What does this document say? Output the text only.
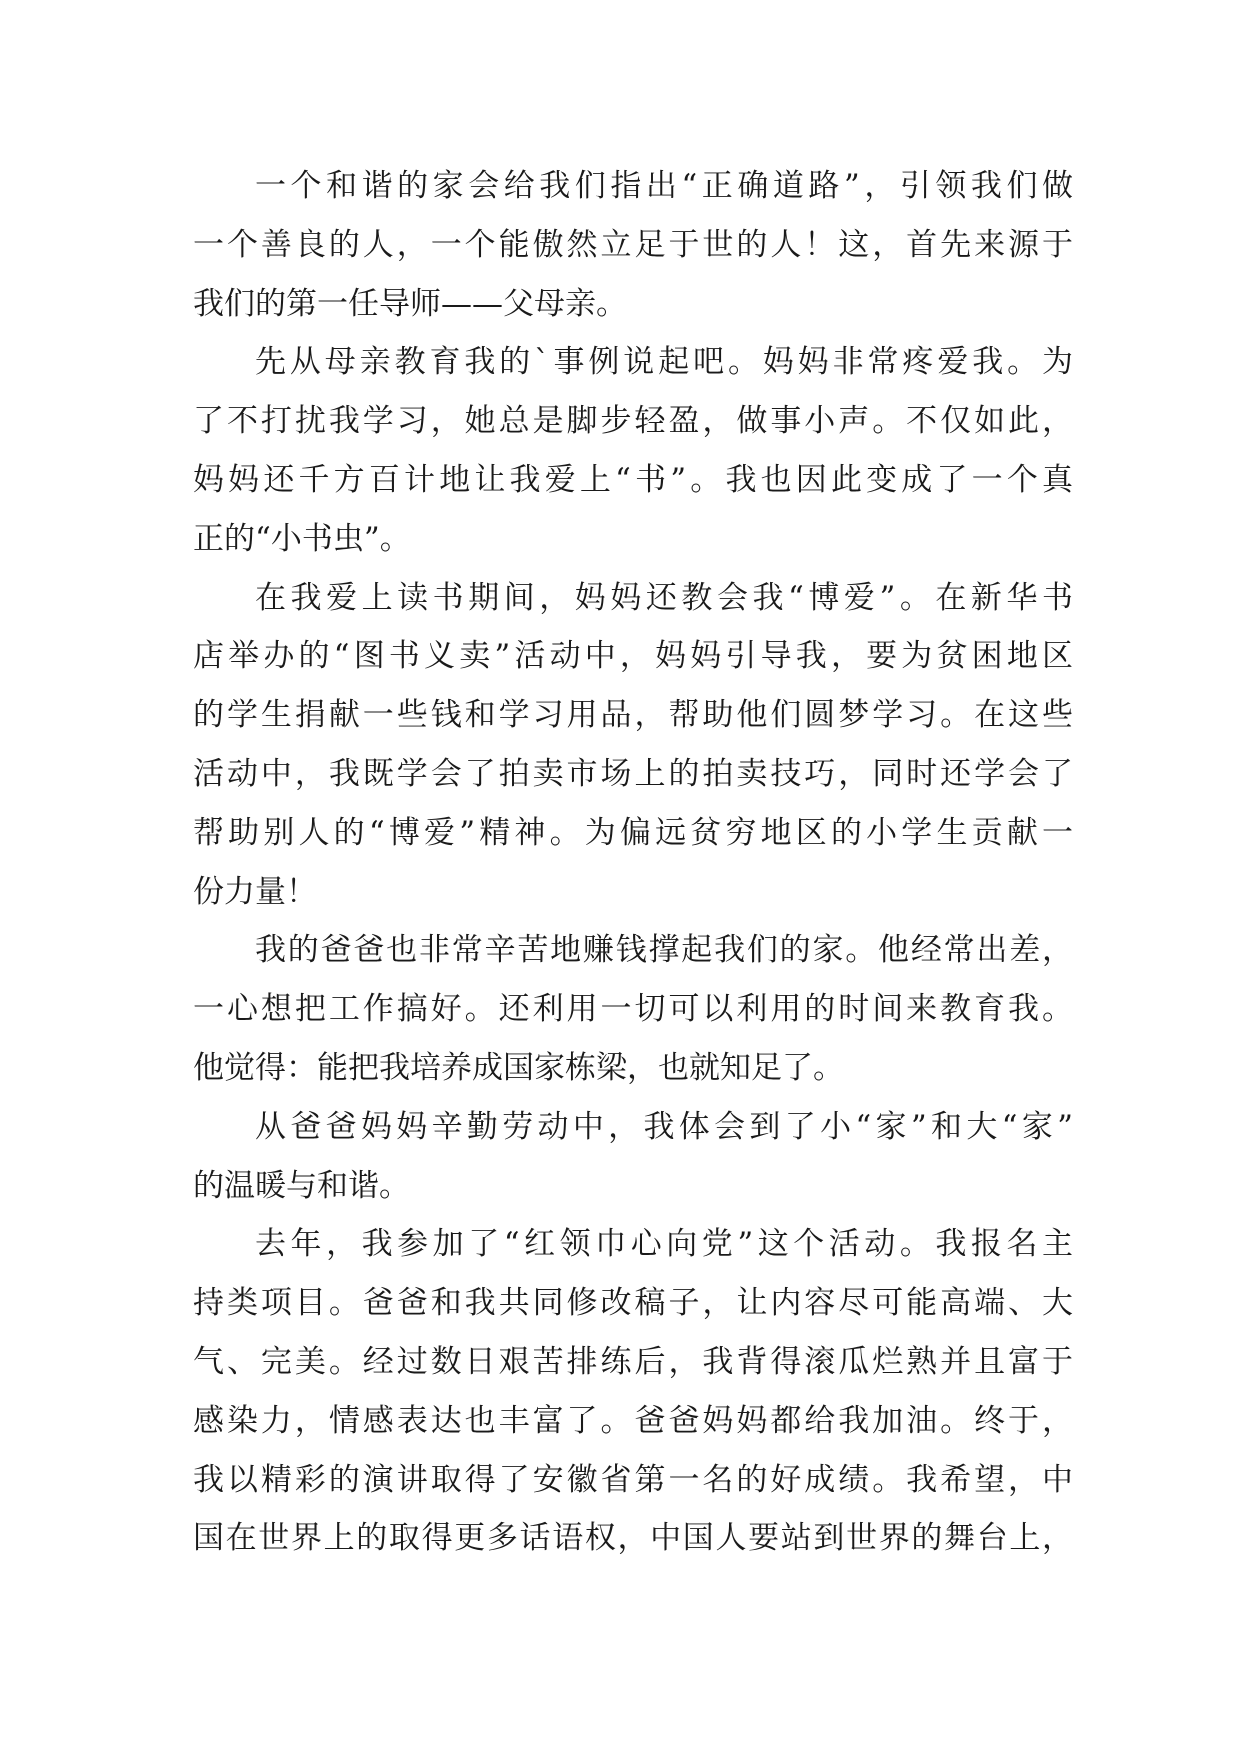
一个和谐的家会给我们指出“正确道路”，引领我们做
一个善良的人，一个能傲然立足于世的人！这，首先来源于
我们的第一任导师——父母亲。
先从母亲教育我的`事例说起吧。妈妈非常疼爱我。为
了不打扰我学习，她总是脚步轻盈，做事小声。不仅如此，
妈妈还千方百计地让我爱上“书”。我也因此变成了一个真
正的“小书虫”。
在我爱上读书期间，妈妈还教会我“博爱”。在新华书
店举办的“图书义卖”活动中，妈妈引导我，要为贫困地区
的学生捐献一些钱和学习用品，帮助他们圆梦学习。在这些
活动中，我既学会了拍卖市场上的拍卖技巧，同时还学会了
帮助别人的“博爱”精神。为偏远贫穷地区的小学生贡献一
份力量！
我的爸爸也非常辛苦地赚钱撑起我们的家。他经常出差，
一心想把工作搞好。还利用一切可以利用的时间来教育我。
他觉得：能把我培养成国家栋梁，也就知足了。
从爸爸妈妈辛勤劳动中，我体会到了小“家”和大“家”
的温暖与和谐。
去年，我参加了“红领巾心向党”这个活动。我报名主
持类项目。爸爸和我共同修改稿子，让内容尽可能高端、大
气、完美。经过数日艰苦排练后，我背得滚瓜烂熟并且富于
感染力，情感表达也丰富了。爸爸妈妈都给我加油。终于，
我以精彩的演讲取得了安徽省第一名的好成绩。我希望，中
国在世界上的取得更多话语权，中国人要站到世界的舞台上，
